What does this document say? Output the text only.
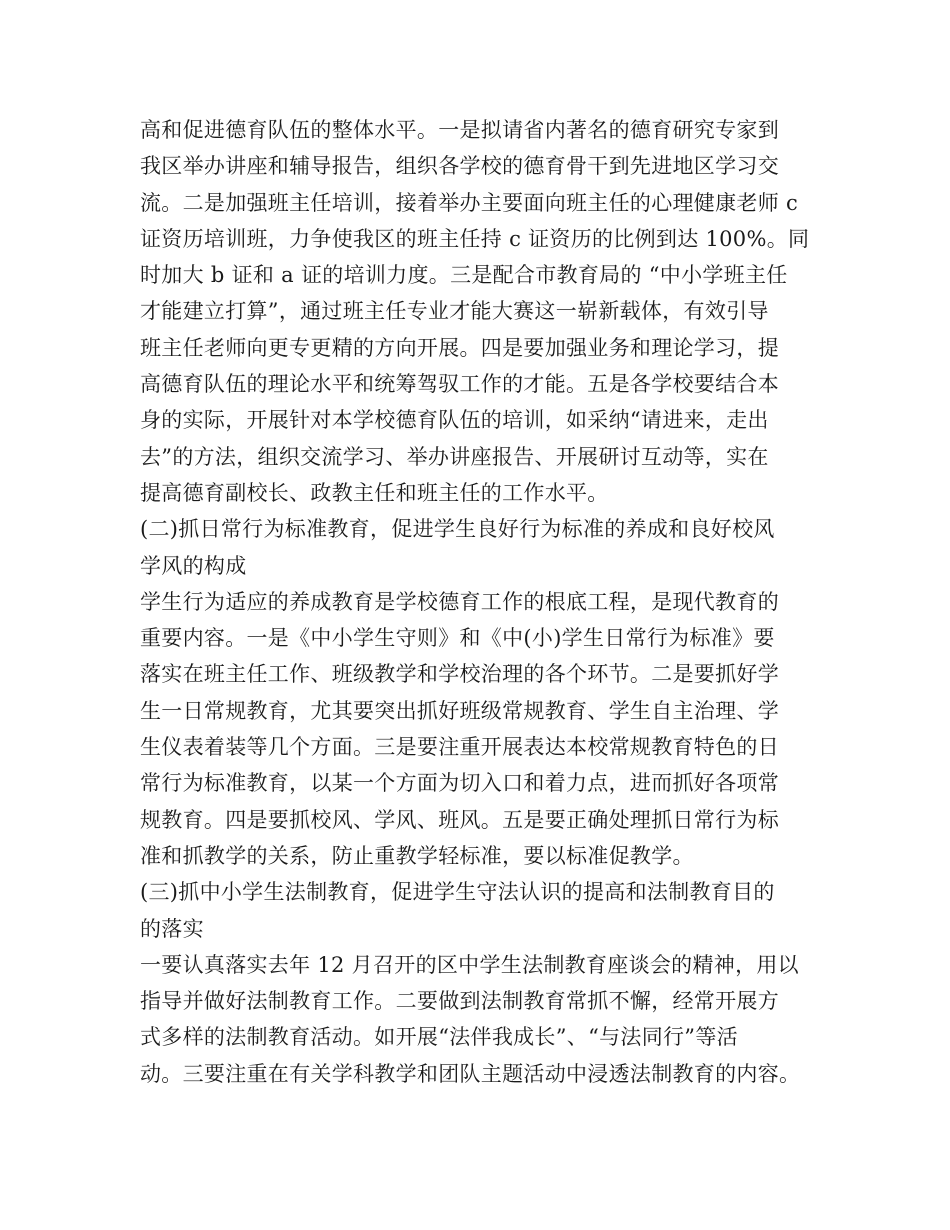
高和促进德育队伍的整体水平。一是拟请省内著名的德育研究专家到
我区举办讲座和辅导报告，组织各学校的德育骨干到先进地区学习交
流。二是加强班主任培训，接着举办主要面向班主任的心理健康老师 c
证资历培训班，力争使我区的班主任持 c 证资历的比例到达 100%。同
时加大 b 证和 a 证的培训力度。三是配合市教育局的 “中小学班主任
才能建立打算”，通过班主任专业才能大赛这一崭新载体，有效引导
班主任老师向更专更精的方向开展。四是要加强业务和理论学习，提
高德育队伍的理论水平和统筹驾驭工作的才能。五是各学校要结合本
身的实际，开展针对本学校德育队伍的培训，如采纳“请进来，走出
去”的方法，组织交流学习、举办讲座报告、开展研讨互动等，实在
提高德育副校长、政教主任和班主任的工作水平。
(二)抓日常行为标准教育，促进学生良好行为标准的养成和良好校风
学风的构成
学生行为适应的养成教育是学校德育工作的根底工程，是现代教育的
重要内容。一是《中小学生守则》和《中(小)学生日常行为标准》要
落实在班主任工作、班级教学和学校治理的各个环节。二是要抓好学
生一日常规教育，尤其要突出抓好班级常规教育、学生自主治理、学
生仪表着装等几个方面。三是要注重开展表达本校常规教育特色的日
常行为标准教育，以某一个方面为切入口和着力点，进而抓好各项常
规教育。四是要抓校风、学风、班风。五是要正确处理抓日常行为标
准和抓教学的关系，防止重教学轻标准，要以标准促教学。
(三)抓中小学生法制教育，促进学生守法认识的提高和法制教育目的
的落实
一要认真落实去年 12 月召开的区中学生法制教育座谈会的精神，用以
指导并做好法制教育工作。二要做到法制教育常抓不懈，经常开展方
式多样的法制教育活动。如开展“法伴我成长”、“与法同行”等活
动。三要注重在有关学科教学和团队主题活动中浸透法制教育的内容。
